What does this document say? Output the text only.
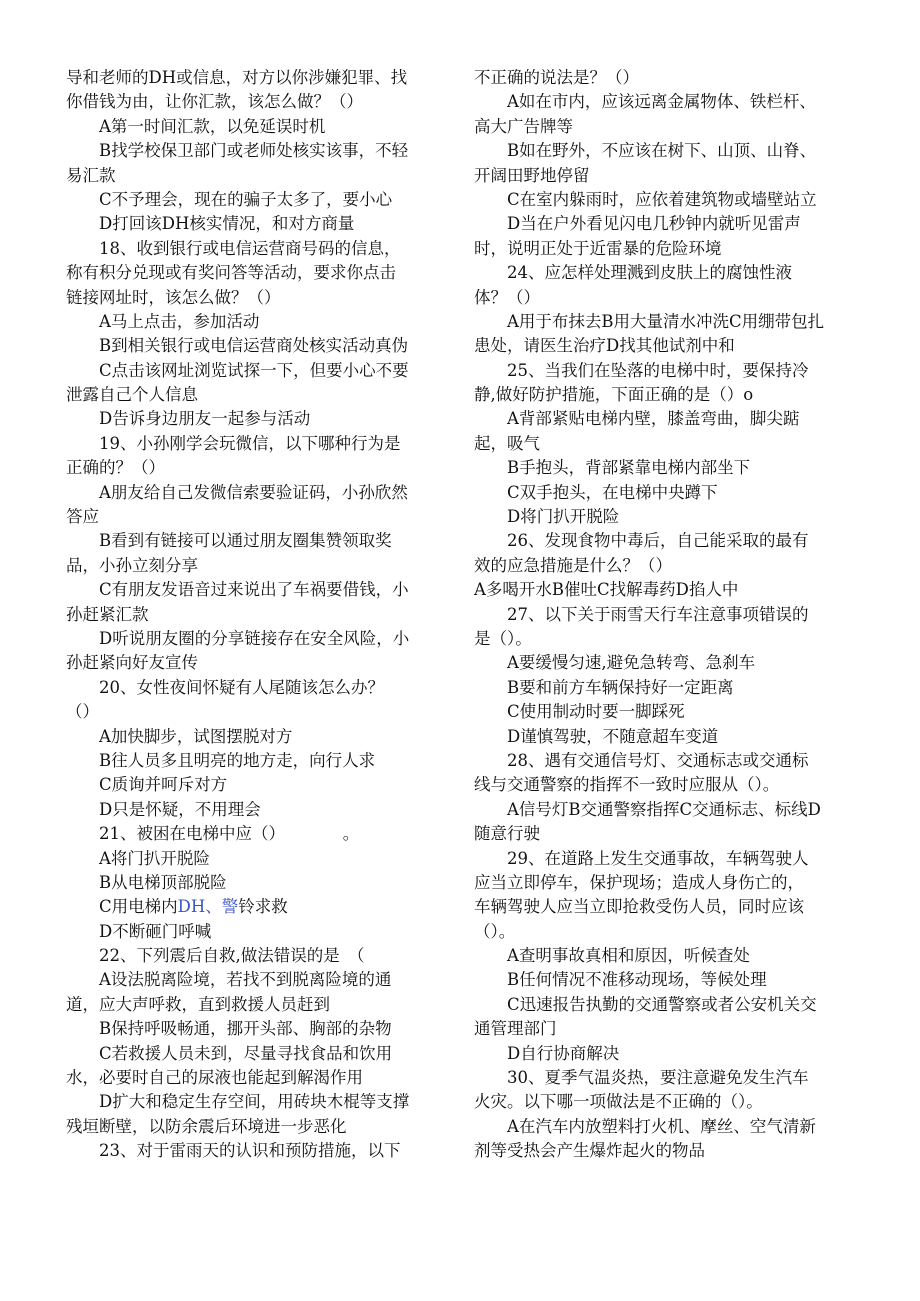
导和老师的DH或信息，对方以你涉嫌犯罪、找
你借钱为由，让你汇款，该怎么做？（）
A第一时间汇款，以免延误时机
B找学校保卫部门或老师处核实该事，不轻
易汇款
C不予理会，现在的骗子太多了，要小心
D打回该DH核实情况，和对方商量
18、收到银行或电信运营商号码的信息，
称有积分兑现或有奖问答等活动，要求你点击
链接网址时，该怎么做？（）
A马上点击，参加活动
B到相关银行或电信运营商处核实活动真伪
C点击该网址浏览试探一下，但要小心不要
泄露自己个人信息
D告诉身边朋友一起参与活动
19、小孙刚学会玩微信，以下哪种行为是
正确的？（）
A朋友给自己发微信索要验证码，小孙欣然
答应
B看到有链接可以通过朋友圈集赞领取奖
品，小孙立刻分享
C有朋友发语音过来说出了车祸要借钱，小
孙赶紧汇款
D听说朋友圈的分享链接存在安全风险，小
孙赶紧向好友宣传
20、女性夜间怀疑有人尾随该怎么办？
（）
A加快脚步，试图摆脱对方
B往人员多且明亮的地方走，向行人求
C质询并呵斥对方
D只是怀疑，不用理会
21、被困在电梯中应（）　　　　。
A将门扒开脱险
B从电梯顶部脱险
C用电梯内DH、警铃求救
D不断砸门呼喊
22、下列震后自救,做法错误的是　（
A设法脱离险境，若找不到脱离险境的通
道，应大声呼救，直到救援人员赶到
B保持呼吸畅通，挪开头部、胸部的杂物
C若救援人员未到，尽量寻找食品和饮用
水，必要时自己的尿液也能起到解渴作用
D扩大和稳定生存空间，用砖块木棍等支撑
残垣断壁，以防余震后环境进一步恶化
23、对于雷雨天的认识和预防措施，以下
不正确的说法是？（）
A如在市内，应该远离金属物体、铁栏杆、
高大广告牌等
B如在野外，不应该在树下、山顶、山脊、
开阔田野地停留
C在室内躲雨时，应依着建筑物或墙壁站立
D当在户外看见闪电几秒钟内就听见雷声
时，说明正处于近雷暴的危险环境
24、应怎样处理溅到皮肤上的腐蚀性液
体？（）
A用于布抹去B用大量清水冲洗C用绷带包扎
患处，请医生治疗D找其他试剂中和
25、当我们在坠落的电梯中时，要保持冷
静,做好防护措施，下面正确的是（）o
A背部紧贴电梯内壁，膝盖弯曲，脚尖踮
起，吸气
B手抱头，背部紧靠电梯内部坐下
C双手抱头，在电梯中央蹲下
D将门扒开脱险
26、发现食物中毒后，自己能采取的最有
效的应急措施是什么？（）
A多喝开水B催吐C找解毒药D掐人中
27、以下关于雨雪天行车注意事项错误的
是（）。
A要缓慢匀速,避免急转弯、急刹车
B要和前方车辆保持好一定距离
C使用制动时要一脚踩死
D谨慎驾驶，不随意超车变道
28、遇有交通信号灯、交通标志或交通标
线与交通警察的指挥不一致时应服从（）。
A信号灯B交通警察指挥C交通标志、标线D
随意行驶
29、在道路上发生交通事故，车辆驾驶人
应当立即停车，保护现场；造成人身伤亡的，
车辆驾驶人应当立即抢救受伤人员，同时应该
（）。
A查明事故真相和原因，听候查处
B任何情况不准移动现场，等候处理
C迅速报告执勤的交通警察或者公安机关交
通管理部门
D自行协商解决
30、夏季气温炎热，要注意避免发生汽车
火灾。以下哪一项做法是不正确的（）。
A在汽车内放塑料打火机、摩丝、空气清新
剂等受热会产生爆炸起火的物品
